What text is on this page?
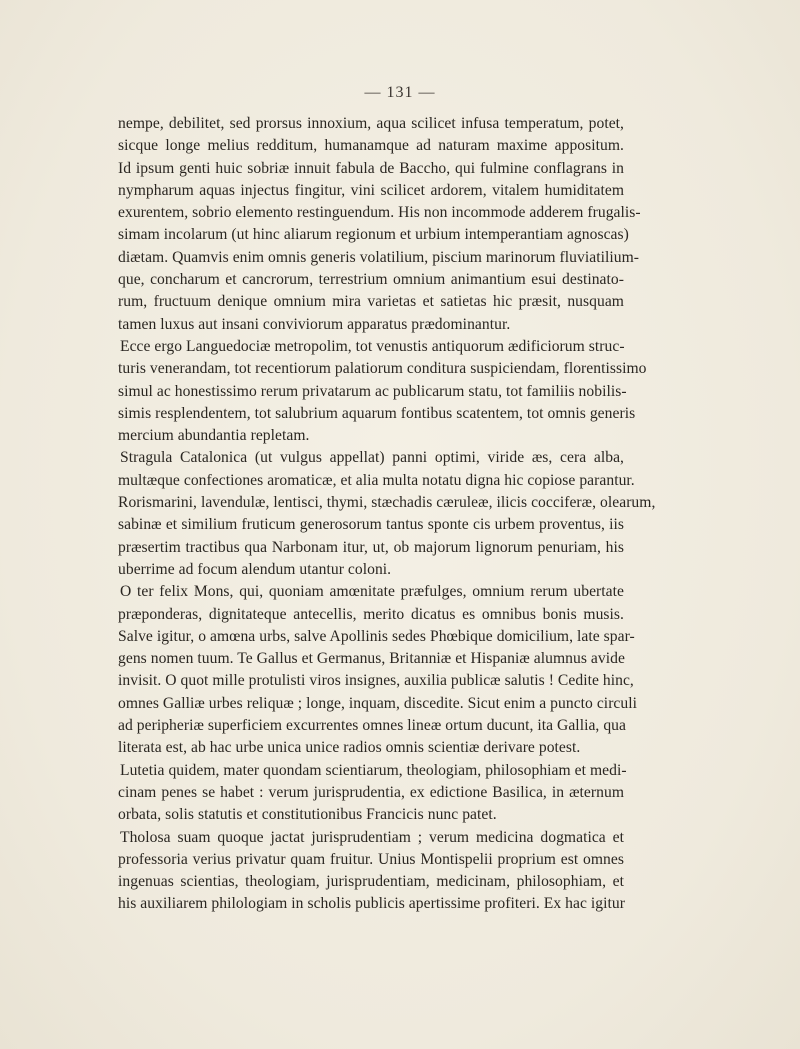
— 131 —
nempe, debilitet, sed prorsus innoxium, aqua scilicet infusa temperatum, potet,
sicque longe melius redditum, humanamque ad naturam maxime appositum.
Id ipsum genti huic sobriæ innuit fabula de Baccho, qui fulmine conflagrans in
nympharum aquas injectus fingitur, vini scilicet ardorem, vitalem humiditatem
exurentem, sobrio elemento restinguendum. His non incommode adderem frugalis-
simam incolarum (ut hinc aliarum regionum et urbium intemperantiam agnoscas)
diætam. Quamvis enim omnis generis volatilium, piscium marinorum fluviatilium-
que, concharum et cancrorum, terrestrium omnium animantium esui destinato-
rum, fructuum denique omnium mira varietas et satietas hic præsit, nusquam
tamen luxus aut insani conviviorum apparatus prædominantur.
Ecce ergo Languedociæ metropolim, tot venustis antiquorum ædificiorum struc-
turis venerandam, tot recentiorum palatiorum conditura suspiciendam, florentissimo
simul ac honestissimo rerum privatarum ac publicarum statu, tot familiis nobilis-
simis resplendentem, tot salubrium aquarum fontibus scatentem, tot omnis generis
mercium abundantia repletam.
Stragula Catalonica (ut vulgus appellat) panni optimi, viride æs, cera alba,
multæque confectiones aromaticæ, et alia multa notatu digna hic copiose parantur.
Rorismarini, lavendulæ, lentisci, thymi, stæchadis cæruleæ, ilicis cocciferæ, olearum,
sabinæ et similium fruticum generosorum tantus sponte cis urbem proventus, iis
præsertim tractibus qua Narbonam itur, ut, ob majorum lignorum penuriam, his
uberrime ad focum alendum utantur coloni.
O ter felix Mons, qui, quoniam amœnitate præfulges, omnium rerum ubertate
præponderas, dignitateque antecellis, merito dicatus es omnibus bonis musis.
Salve igitur, o amœna urbs, salve Apollinis sedes Phœbique domicilium, late spar-
gens nomen tuum. Te Gallus et Germanus, Britanniæ et Hispaniæ alumnus avide
invisit. O quot mille protulisti viros insignes, auxilia publicæ salutis ! Cedite hinc,
omnes Galliæ urbes reliquæ ; longe, inquam, discedite. Sicut enim a puncto circuli
ad peripheriæ superficiem excurrentes omnes lineæ ortum ducunt, ita Gallia, qua
literata est, ab hac urbe unica unice radios omnis scientiæ derivare potest.
Lutetia quidem, mater quondam scientiarum, theologiam, philosophiam et medi-
cinam penes se habet : verum jurisprudentia, ex edictione Basilica, in æternum
orbata, solis statutis et constitutionibus Francicis nunc patet.
Tholosa suam quoque jactat jurisprudentiam ; verum medicina dogmatica et
professoria verius privatur quam fruitur. Unius Montispelii proprium est omnes
ingenuas scientias, theologiam, jurisprudentiam, medicinam, philosophiam, et
his auxiliarem philologiam in scholis publicis apertissime profiteri. Ex hac igitur
